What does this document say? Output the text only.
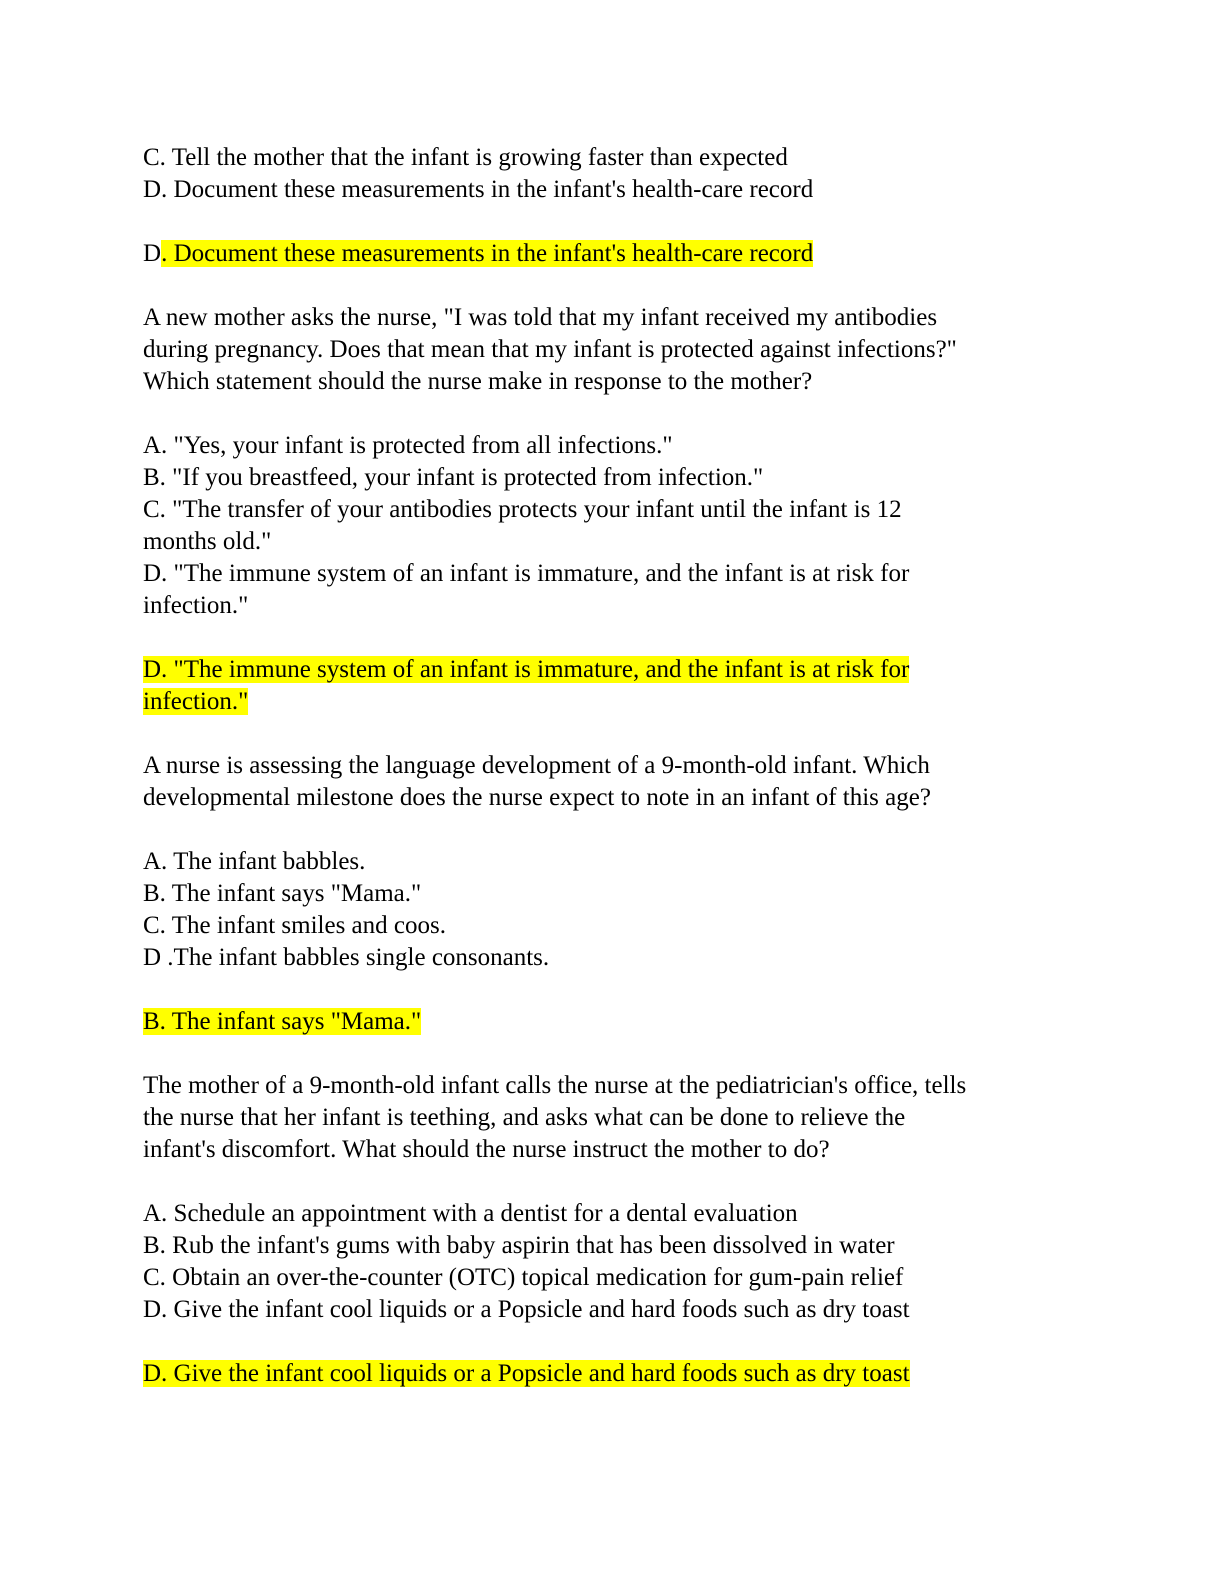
C. Tell the mother that the infant is growing faster than expected
D. Document these measurements in the infant's health-care record
D. Document these measurements in the infant's health-care record
A new mother asks the nurse, "I was told that my infant received my antibodies
during pregnancy. Does that mean that my infant is protected against infections?"
Which statement should the nurse make in response to the mother?
A. "Yes, your infant is protected from all infections."
B. "If you breastfeed, your infant is protected from infection."
C. "The transfer of your antibodies protects your infant until the infant is 12
months old."
D. "The immune system of an infant is immature, and the infant is at risk for
infection."
D. "The immune system of an infant is immature, and the infant is at risk for
infection."
A nurse is assessing the language development of a 9-month-old infant. Which
developmental milestone does the nurse expect to note in an infant of this age?
A. The infant babbles.
B. The infant says "Mama."
C. The infant smiles and coos.
D .The infant babbles single consonants.
B. The infant says "Mama."
The mother of a 9-month-old infant calls the nurse at the pediatrician's office, tells
the nurse that her infant is teething, and asks what can be done to relieve the
infant's discomfort. What should the nurse instruct the mother to do?
A. Schedule an appointment with a dentist for a dental evaluation
B. Rub the infant's gums with baby aspirin that has been dissolved in water
C. Obtain an over-the-counter (OTC) topical medication for gum-pain relief
D. Give the infant cool liquids or a Popsicle and hard foods such as dry toast
D. Give the infant cool liquids or a Popsicle and hard foods such as dry toast
